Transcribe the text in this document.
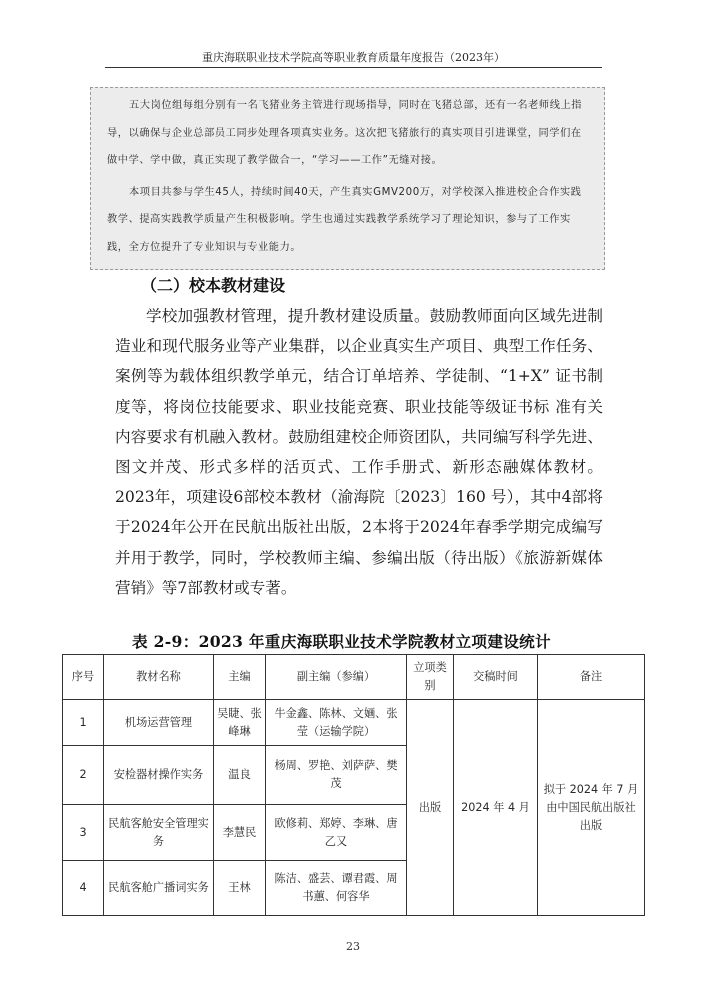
重庆海联职业技术学院高等职业教育质量年度报告（2023年）

五大岗位组每组分别有一名飞猪业务主管进行现场指导，同时在飞猪总部，还有一名老师线上指导，以确保与企业总部员工同步处理各项真实业务。这次把飞猪旅行的真实项目引进课堂，同学们在做中学、学中做，真正实现了教学做合一，“学习——工作”无缝对接。

本项目共参与学生45人，持续时间40天，产生真实GMV200万，对学校深入推进校企合作实践教学、提高实践教学质量产生积极影响。学生也通过实践教学系统学习了理论知识，参与了工作实践，全方位提升了专业知识与专业能力。

（二）校本教材建设

学校加强教材管理，提升教材建设质量。鼓励教师面向区域先进制造业和现代服务业等产业集群，以企业真实生产项目、典型工作任务、案例等为载体组织教学单元，结合订单培养、学徒制、“1+X” 证书制度等，将岗位技能要求、职业技能竞赛、职业技能等级证书标 准有关内容要求有机融入教材。鼓励组建校企师资团队，共同编写科学先进、图文并茂、形式多样的活页式、工作手册式、新形态融媒体教材。2023年，项建设6部校本教材（渝海院〔2023〕160 号），其中4部将于2024年公开在民航出版社出版，2本将于2024年春季学期完成编写并用于教学，同时，学校教师主编、参编出版（待出版）《旅游新媒体营销》等7部教材或专著。

表 2-9：2023 年重庆海联职业技术学院教材立项建设统计
序号	教材名称	主编	副主编（参编）	立项类别	交稿时间	备注
1	机场运营管理	吴睫、张峰琳	牛金鑫、陈林、文婳、张莹（运输学院）	出版	2024 年 4 月	拟于 2024 年 7 月由中国民航出版社出版
2	安检器材操作实务	温良	杨周、罗艳、刘萨萨、樊茂			
3	民航客舱安全管理实务	李慧民	欧修莉、郑婷、李琳、唐乙又			
4	民航客舱广播词实务	王林	陈洁、盛芸、谭君霞、周书蕙、何容华			
23
